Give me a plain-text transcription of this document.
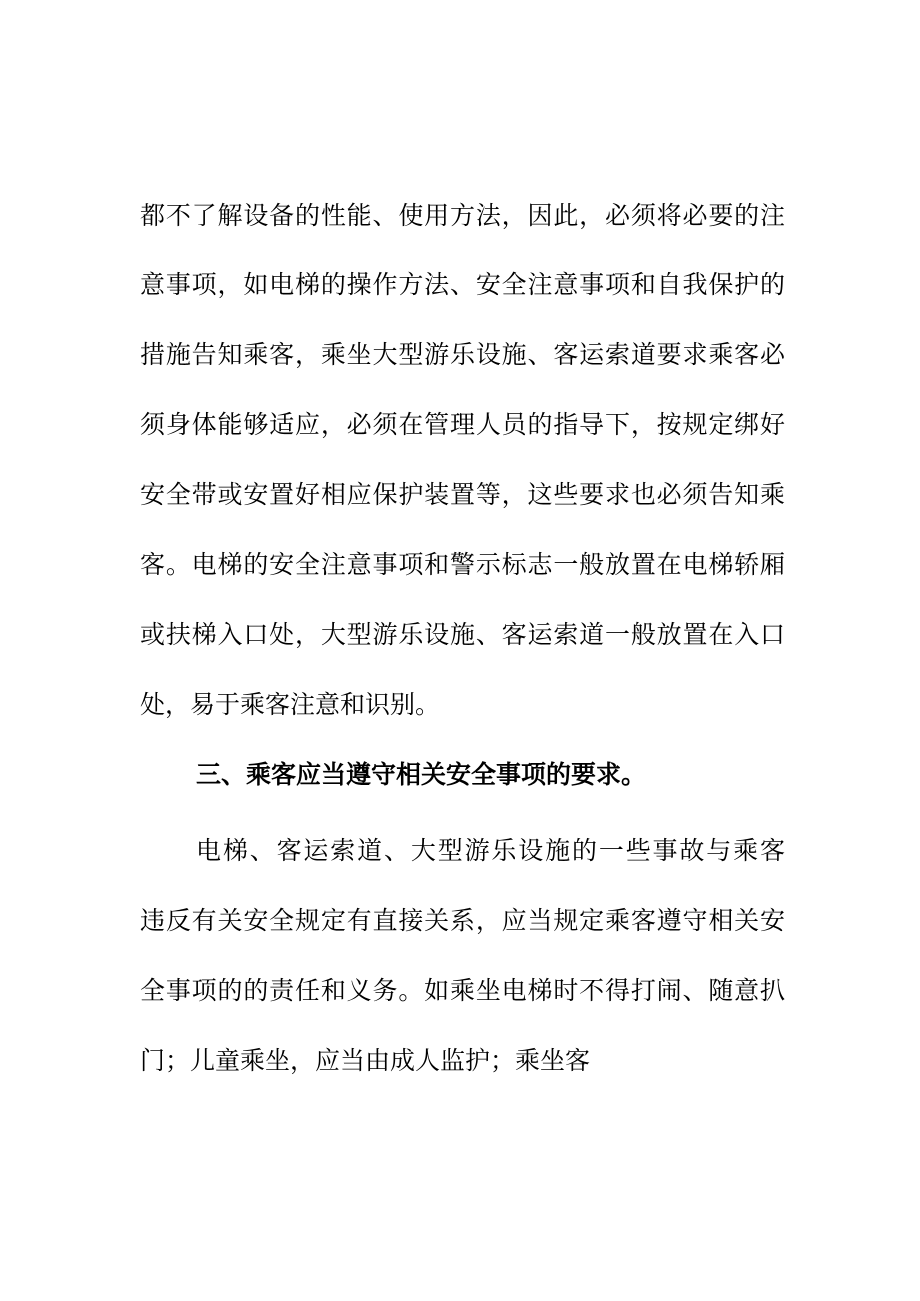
都不了解设备的性能、使用方法，因此，必须将必要的注
意事项，如电梯的操作方法、安全注意事项和自我保护的
措施告知乘客，乘坐大型游乐设施、客运索道要求乘客必
须身体能够适应，必须在管理人员的指导下，按规定绑好
安全带或安置好相应保护装置等，这些要求也必须告知乘
客。电梯的安全注意事项和警示标志一般放置在电梯轿厢
或扶梯入口处，大型游乐设施、客运索道一般放置在入口
处，易于乘客注意和识别。
三、乘客应当遵守相关安全事项的要求。
电梯、客运索道、大型游乐设施的一些事故与乘客
违反有关安全规定有直接关系，应当规定乘客遵守相关安
全事项的的责任和义务。如乘坐电梯时不得打闹、随意扒
门；儿童乘坐，应当由成人监护；乘坐客
